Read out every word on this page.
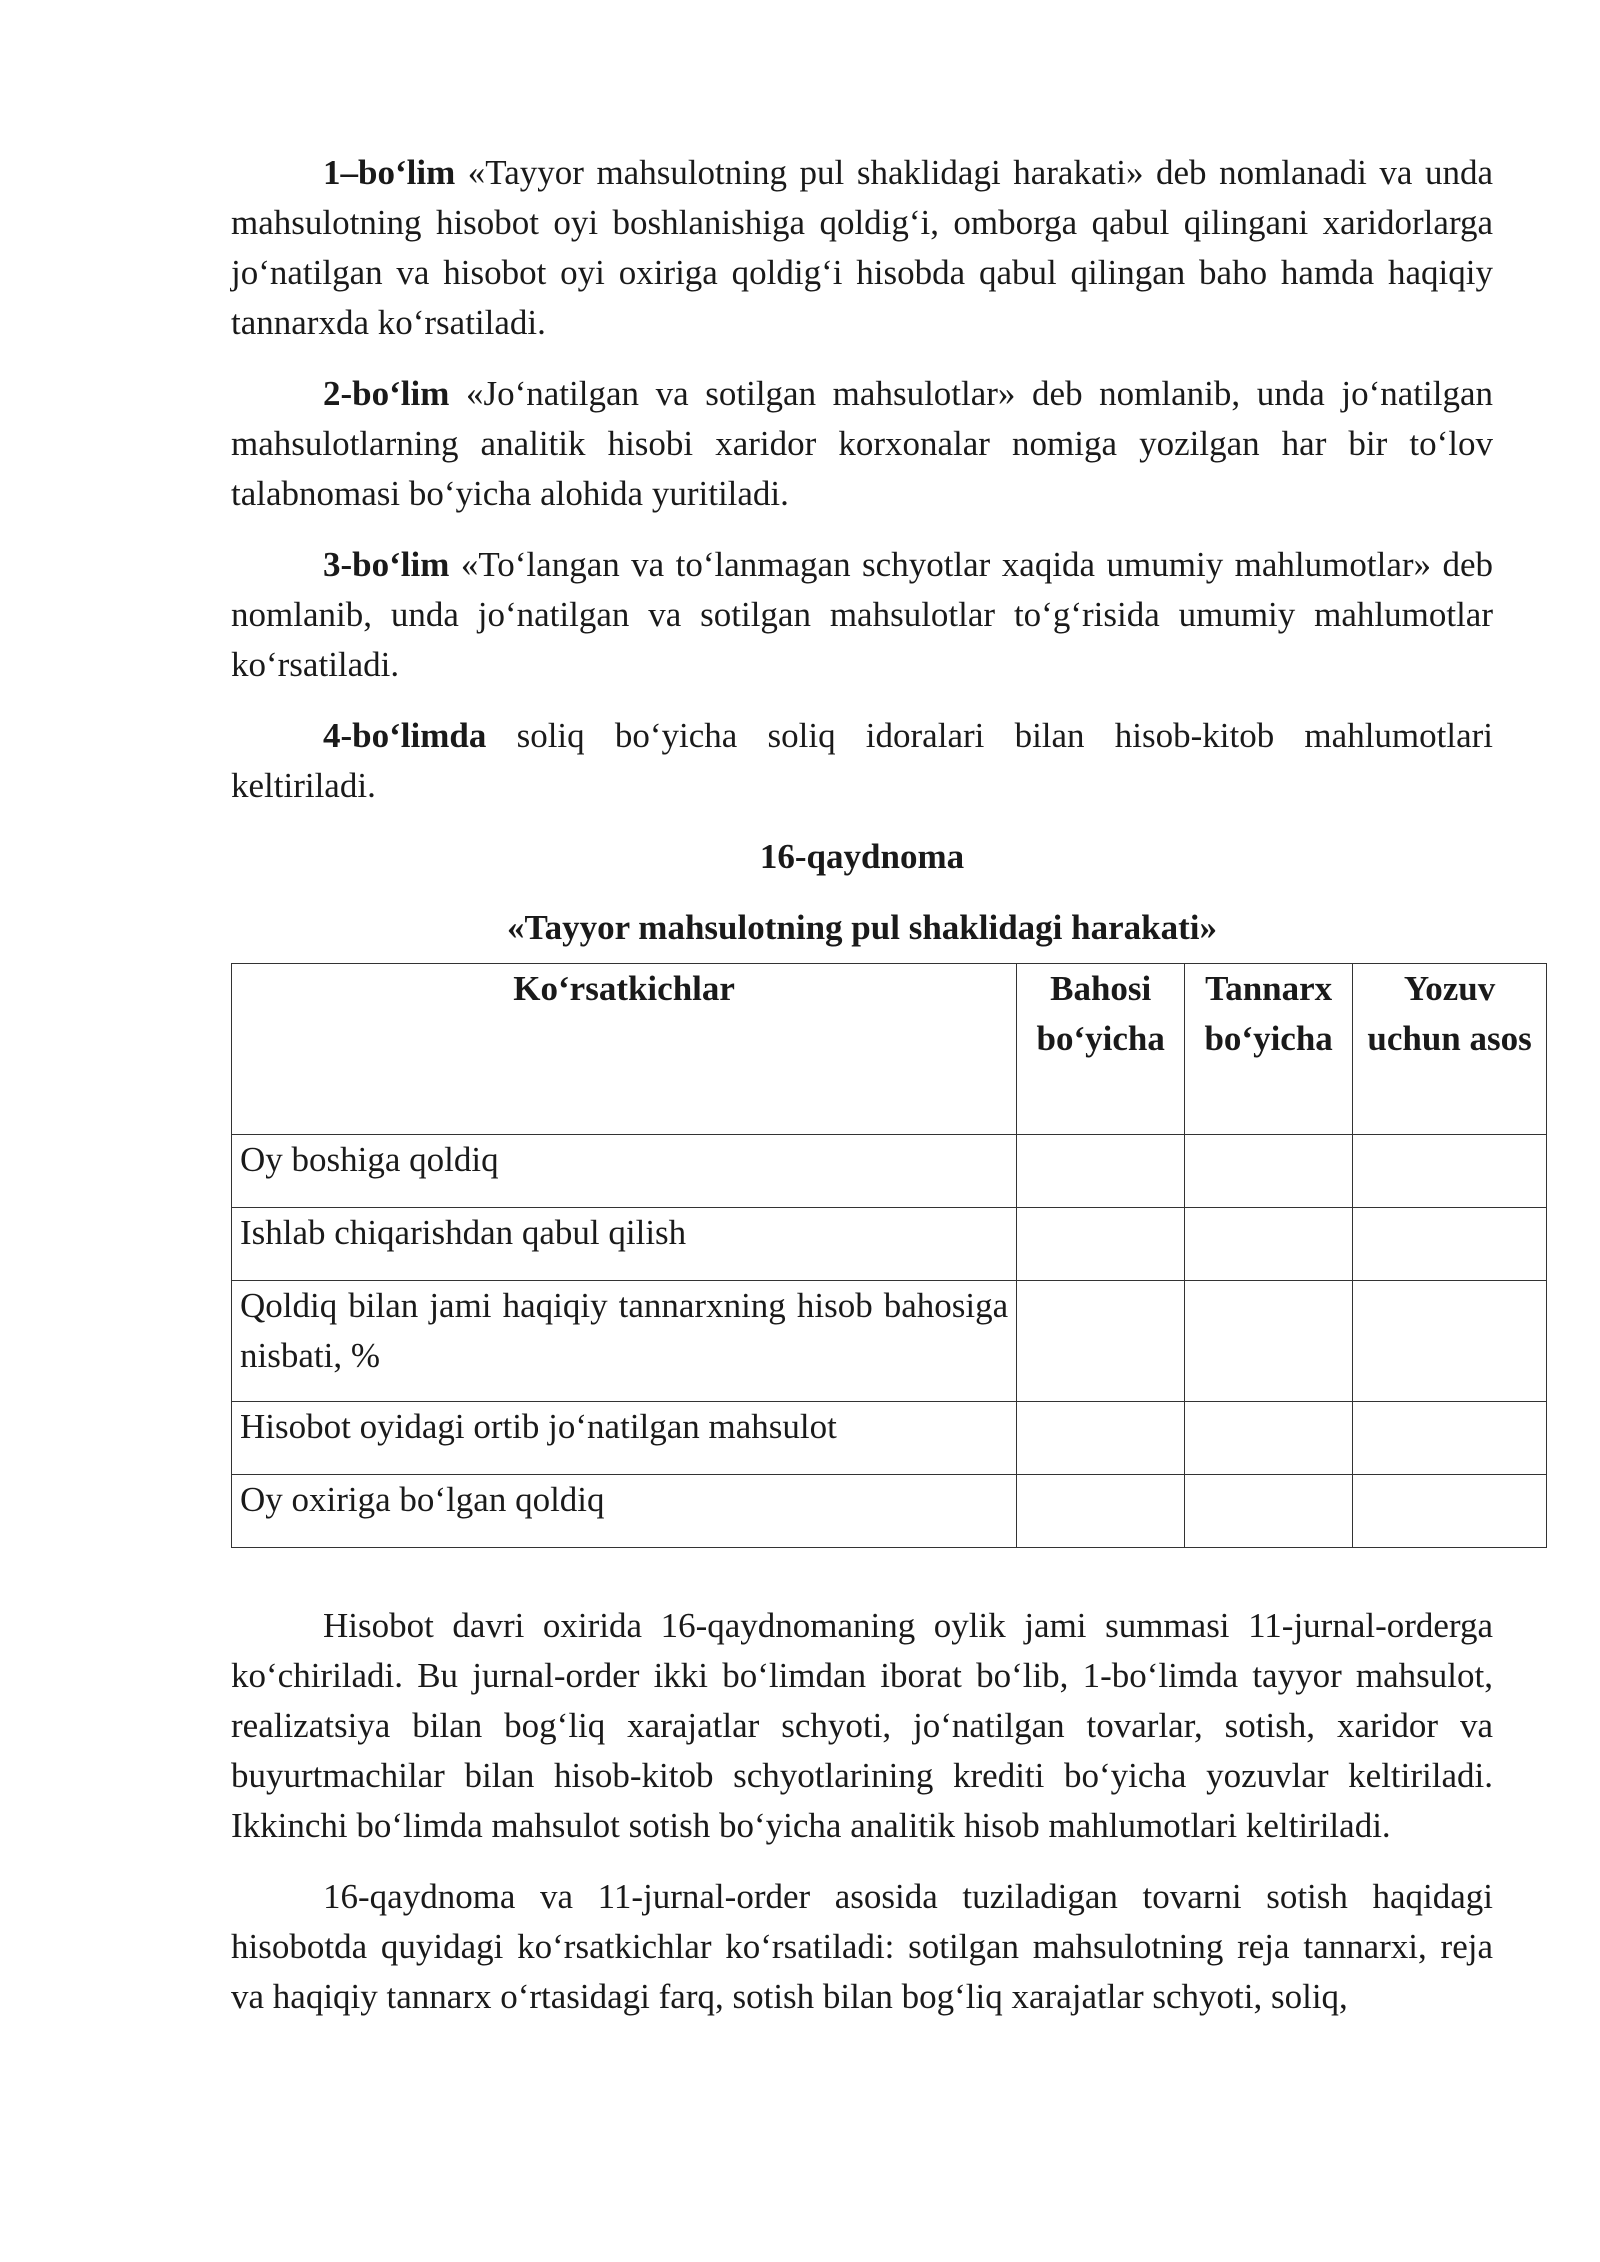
1–bo‘lim «Tayyor mahsulotning pul shaklidagi harakati» deb nomlanadi va unda mahsulotning hisobot oyi boshlanishiga qoldig‘i, omborga qabul qilingani xaridorlarga jo‘natilgan va hisobot oyi oxiriga qoldig‘i hisobda qabul qilingan baho hamda haqiqiy tannarxda ko‘rsatiladi.

2-bo‘lim «Jo‘natilgan va sotilgan mahsulotlar» deb nomlanib, unda jo‘natilgan mahsulotlarning analitik hisobi xaridor korxonalar nomiga yozilgan har bir to‘lov talabnomasi bo‘yicha alohida yuritiladi.

3-bo‘lim «To‘langan va to‘lanmagan schyotlar xaqida umumiy mahlumotlar» deb nomlanib, unda jo‘natilgan va sotilgan mahsulotlar to‘g‘risida umumiy mahlumotlar ko‘rsatiladi.

4-bo‘limda soliq bo‘yicha soliq idoralari bilan hisob-kitob mahlumotlari keltiriladi.

16-qaydnoma
«Tayyor mahsulotning pul shaklidagi harakati»
Ko‘rsatkichlar	Bahosi bo‘yicha	Tannarx bo‘yicha	Yozuv uchun asos
Oy boshiga qoldiq			
Ishlab chiqarishdan qabul qilish			
Qoldiq bilan jami haqiqiy tannarxning hisob bahosiga nisbati, %			
Hisobot oyidagi ortib jo‘natilgan mahsulot			
Oy oxiriga bo‘lgan qoldiq			

Hisobot davri oxirida 16-qaydnomaning oylik jami summasi 11-jurnal-orderga ko‘chiriladi. Bu jurnal-order ikki bo‘limdan iborat bo‘lib, 1-bo‘limda tayyor mahsulot, realizatsiya bilan bog‘liq xarajatlar schyoti, jo‘natilgan tovarlar, sotish, xaridor va buyurtmachilar bilan hisob-kitob schyotlarining krediti bo‘yicha yozuvlar keltiriladi. Ikkinchi bo‘limda mahsulot sotish bo‘yicha analitik hisob mahlumotlari keltiriladi.

16-qaydnoma va 11-jurnal-order asosida tuziladigan tovarni sotish haqidagi hisobotda quyidagi ko‘rsatkichlar ko‘rsatiladi: sotilgan mahsulotning reja tannarxi, reja va haqiqiy tannarx o‘rtasidagi farq, sotish bilan bog‘liq xarajatlar schyoti, soliq,
